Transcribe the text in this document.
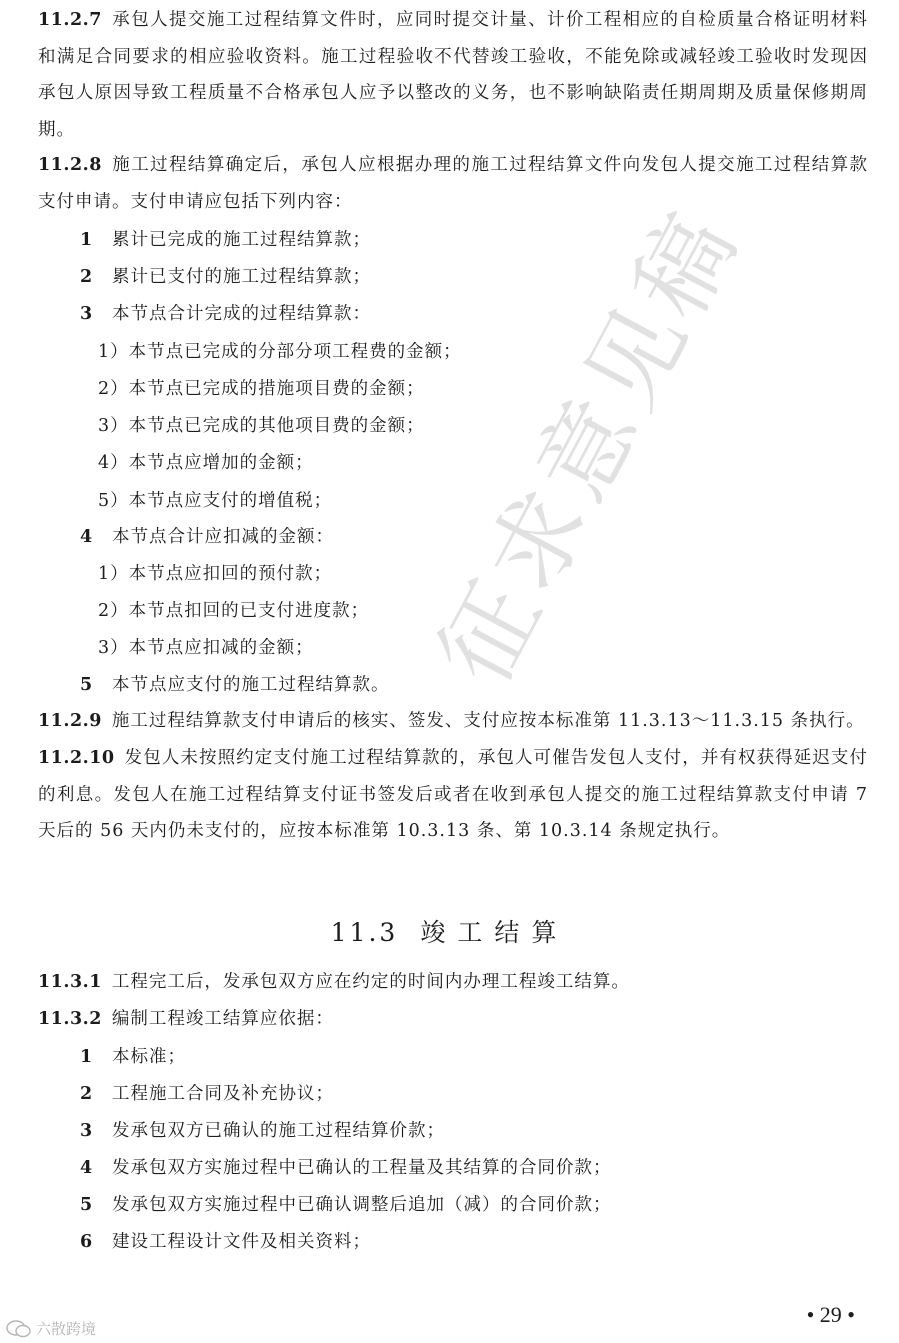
征求意见稿

11.2.7 承包人提交施工过程结算文件时，应同时提交计量、计价工程相应的自检质量合格证明材料和满足合同要求的相应验收资料。施工过程验收不代替竣工验收，不能免除或减轻竣工验收时发现因承包人原因导致工程质量不合格承包人应予以整改的义务，也不影响缺陷责任期周期及质量保修期周期。

11.2.8 施工过程结算确定后，承包人应根据办理的施工过程结算文件向发包人提交施工过程结算款支付申请。支付申请应包括下列内容：

1 累计已完成的施工过程结算款；
2 累计已支付的施工过程结算款；
3 本节点合计完成的过程结算款：
1）本节点已完成的分部分项工程费的金额；
2）本节点已完成的措施项目费的金额；
3）本节点已完成的其他项目费的金额；
4）本节点应增加的金额；
5）本节点应支付的增值税；
4 本节点合计应扣减的金额：
1）本节点应扣回的预付款；
2）本节点扣回的已支付进度款；
3）本节点应扣减的金额；
5 本节点应支付的施工过程结算款。

11.2.9 施工过程结算款支付申请后的核实、签发、支付应按本标准第 11.3.13～11.3.15 条执行。

11.2.10 发包人未按照约定支付施工过程结算款的，承包人可催告发包人支付，并有权获得延迟支付的利息。发包人在施工过程结算支付证书签发后或者在收到承包人提交的施工过程结算款支付申请 7 天后的 56 天内仍未支付的，应按本标准第 10.3.13 条、第 10.3.14 条规定执行。

11.3 竣工结算

11.3.1 工程完工后，发承包双方应在约定的时间内办理工程竣工结算。

11.3.2 编制工程竣工结算应依据：

1 本标准；
2 工程施工合同及补充协议；
3 发承包双方已确认的施工过程结算价款；
4 发承包双方实施过程中已确认的工程量及其结算的合同价款；
5 发承包双方实施过程中已确认调整后追加（减）的合同价款；
6 建设工程设计文件及相关资料；
• 29 •
六散跨境
